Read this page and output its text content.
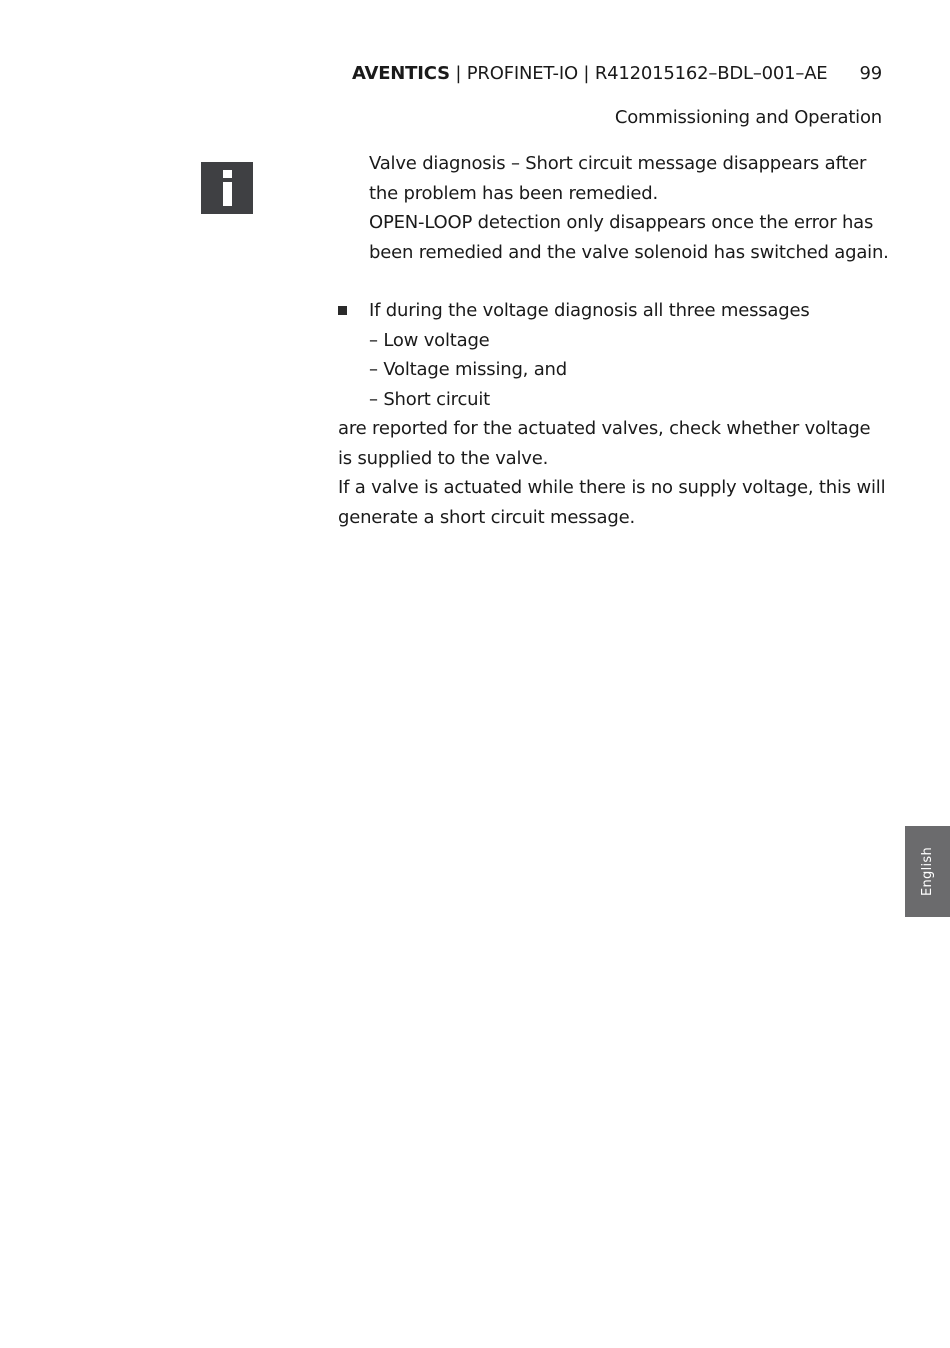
AVENTICS | PROFINET-IO | R412015162–BDL–001–AE 99
Commissioning and Operation

Valve diagnosis – Short circuit message disappears after

the problem has been remedied.

OPEN-LOOP detection only disappears once the error has

been remedied and the valve solenoid has switched again.

If during the voltage diagnosis all three messages

– Low voltage

– Voltage missing, and

– Short circuit

are reported for the actuated valves, check whether voltage

is supplied to the valve.

If a valve is actuated while there is no supply voltage, this will

generate a short circuit message.

English
